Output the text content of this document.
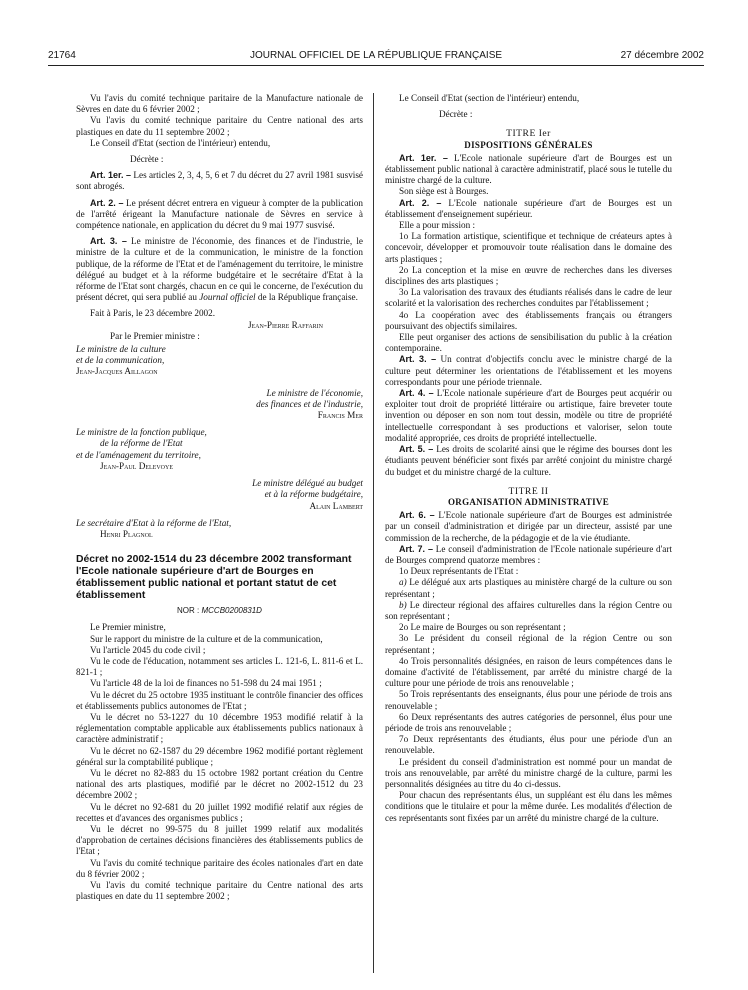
21764	JOURNAL OFFICIEL DE LA RÉPUBLIQUE FRANÇAISE	27 décembre 2002

Vu l'avis du comité technique paritaire de la Manufacture nationale de Sèvres en date du 6 février 2002 ;

Vu l'avis du comité technique paritaire du Centre national des arts plastiques en date du 11 septembre 2002 ;

Le Conseil d'Etat (section de l'intérieur) entendu,

Décrète :

Art. 1er. – Les articles 2, 3, 4, 5, 6 et 7 du décret du 27 avril 1981 susvisé sont abrogés.

Art. 2. – Le présent décret entrera en vigueur à compter de la publication de l'arrêté érigeant la Manufacture nationale de Sèvres en service à compétence nationale, en application du décret du 9 mai 1977 susvisé.

Art. 3. – Le ministre de l'économie, des finances et de l'industrie, le ministre de la culture et de la communication, le ministre de la fonction publique, de la réforme de l'Etat et de l'aménagement du territoire, le ministre délégué au budget et à la réforme budgétaire et le secrétaire d'Etat à la réforme de l'Etat sont chargés, chacun en ce qui le concerne, de l'exécution du présent décret, qui sera publié au Journal officiel de la République française.

Fait à Paris, le 23 décembre 2002.

Jean-Pierre Raffarin

Par le Premier ministre :

Le ministre de la culture

et de la communication,

Jean-Jacques Aillagon

Le ministre de l'économie,

des finances et de l'industrie,

Francis Mer

Le ministre de la fonction publique,

de la réforme de l'Etat

et de l'aménagement du territoire,

Jean-Paul Delevoye

Le ministre délégué au budget

et à la réforme budgétaire,

Alain Lambert

Le secrétaire d'Etat à la réforme de l'Etat,

Henri Plagnol

Décret no 2002-1514 du 23 décembre 2002 transformant l'Ecole nationale supérieure d'art de Bourges en établissement public national et portant statut de cet établissement
NOR : MCCB0200831D

Le Premier ministre,

Sur le rapport du ministre de la culture et de la communication,

Vu l'article 2045 du code civil ;

Vu le code de l'éducation, notamment ses articles L. 121-6, L. 811-6 et L. 821-1 ;

Vu l'article 48 de la loi de finances no 51-598 du 24 mai 1951 ;

Vu le décret du 25 octobre 1935 instituant le contrôle financier des offices et établissements publics autonomes de l'Etat ;

Vu le décret no 53-1227 du 10 décembre 1953 modifié relatif à la réglementation comptable applicable aux établissements publics nationaux à caractère administratif ;

Vu le décret no 62-1587 du 29 décembre 1962 modifié portant règlement général sur la comptabilité publique ;

Vu le décret no 82-883 du 15 octobre 1982 portant création du Centre national des arts plastiques, modifié par le décret no 2002-1512 du 23 décembre 2002 ;

Vu le décret no 92-681 du 20 juillet 1992 modifié relatif aux régies de recettes et d'avances des organismes publics ;

Vu le décret no 99-575 du 8 juillet 1999 relatif aux modalités d'approbation de certaines décisions financières des établissements publics de l'Etat ;

Vu l'avis du comité technique paritaire des écoles nationales d'art en date du 8 février 2002 ;

Vu l'avis du comité technique paritaire du Centre national des arts plastiques en date du 11 septembre 2002 ;

Le Conseil d'Etat (section de l'intérieur) entendu,

Décrète :

TITRE Ier
DISPOSITIONS GÉNÉRALES

Art. 1er. – L'Ecole nationale supérieure d'art de Bourges est un établissement public national à caractère administratif, placé sous le tutelle du ministre chargé de la culture.

Son siège est à Bourges.

Art. 2. – L'Ecole nationale supérieure d'art de Bourges est un établissement d'enseignement supérieur.

Elle a pour mission :

1o La formation artistique, scientifique et technique de créateurs aptes à concevoir, développer et promouvoir toute réalisation dans le domaine des arts plastiques ;

2o La conception et la mise en œuvre de recherches dans les diverses disciplines des arts plastiques ;

3o La valorisation des travaux des étudiants réalisés dans le cadre de leur scolarité et la valorisation des recherches conduites par l'établissement ;

4o La coopération avec des établissements français ou étrangers poursuivant des objectifs similaires.

Elle peut organiser des actions de sensibilisation du public à la création contemporaine.

Art. 3. – Un contrat d'objectifs conclu avec le ministre chargé de la culture peut déterminer les orientations de l'établissement et les moyens correspondants pour une période triennale.

Art. 4. – L'Ecole nationale supérieure d'art de Bourges peut acquérir ou exploiter tout droit de propriété littéraire ou artistique, faire breveter toute invention ou déposer en son nom tout dessin, modèle ou titre de propriété intellectuelle correspondant à ses productions et valoriser, selon toute modalité appropriée, ces droits de propriété intellectuelle.

Art. 5. – Les droits de scolarité ainsi que le régime des bourses dont les étudiants peuvent bénéficier sont fixés par arrêté conjoint du ministre chargé du budget et du ministre chargé de la culture.

TITRE II
ORGANISATION ADMINISTRATIVE

Art. 6. – L'Ecole nationale supérieure d'art de Bourges est administrée par un conseil d'administration et dirigée par un directeur, assisté par une commission de la recherche, de la pédagogie et de la vie étudiante.

Art. 7. – Le conseil d'administration de l'Ecole nationale supérieure d'art de Bourges comprend quatorze membres :

1o Deux représentants de l'Etat :

a) Le délégué aux arts plastiques au ministère chargé de la culture ou son représentant ;

b) Le directeur régional des affaires culturelles dans la région Centre ou son représentant ;

2o Le maire de Bourges ou son représentant ;

3o Le président du conseil régional de la région Centre ou son représentant ;

4o Trois personnalités désignées, en raison de leurs compétences dans le domaine d'activité de l'établissement, par arrêté du ministre chargé de la culture pour une période de trois ans renouvelable ;

5o Trois représentants des enseignants, élus pour une période de trois ans renouvelable ;

6o Deux représentants des autres catégories de personnel, élus pour une période de trois ans renouvelable ;

7o Deux représentants des étudiants, élus pour une période d'un an renouvelable.

Le président du conseil d'administration est nommé pour un mandat de trois ans renouvelable, par arrêté du ministre chargé de la culture, parmi les personnalités désignées au titre du 4o ci-dessus.

Pour chacun des représentants élus, un suppléant est élu dans les mêmes conditions que le titulaire et pour la même durée. Les modalités d'élection de ces représentants sont fixées par un arrêté du ministre chargé de la culture.
